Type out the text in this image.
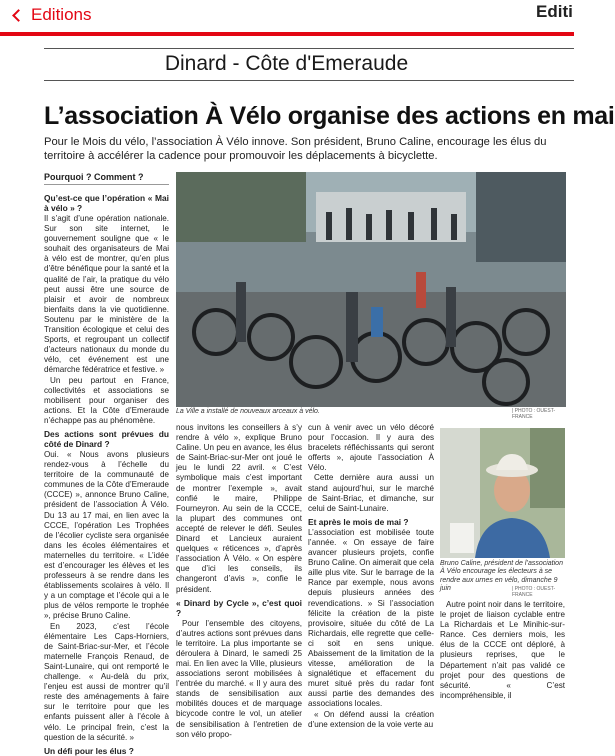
Editions	Editi
Dinard - Côte d'Emeraude
L’association À Vélo organise des actions en mai
Pour le Mois du vélo, l’association À Vélo innove. Son président, Bruno Caline, encourage les élus du territoire à accélérer la cadence pour promouvoir les déplacements à bicyclette.
Pourquoi ? Comment ?
Qu’est-ce que l’opération « Mai à vélo » ?

Il s’agit d’une opération nationale. Sur son site internet, le gouvernement souligne que « le souhait des organisateurs de Mai à vélo est de montrer, qu’en plus d’être bénéfique pour la santé et la qualité de l’air, la pratique du vélo peut aussi être une source de plaisir et avoir de nombreux bienfaits dans la vie quotidienne. Soutenu par le ministère de la Transition écologique et celui des Sports, et regroupant un collectif d’acteurs nationaux du monde du vélo, cet événement est une démarche fédératrice et festive. »

Un peu partout en France, collectivités et associations se mobilisent pour organiser des actions. Et la Côte d’Emeraude n’échappe pas au phénomène.

Des actions sont prévues du côté de Dinard ?

Oui. « Nous avons plusieurs rendez-vous à l’échelle du territoire de la communauté de communes de la Côte d’Emeraude (CCCE) », annonce Bruno Caline, président de l’association À Vélo. Du 13 au 17 mai, en lien avec la CCCE, l’opération Les Trophées de l’écolier cycliste sera organisée dans les écoles élémentaires et maternelles du territoire. « L’idée est d’encourager les élèves et les professeurs à se rendre dans les établissements scolaires à vélo. Il y a un comptage et l’école qui a le plus de vélos remporte le trophée », précise Bruno Caline.

En 2023, c’est l’école élémentaire Les Caps-Horniers, de Saint-Briac-sur-Mer, et l’école maternelle François Renaud, de Saint-Lunaire, qui ont remporté le challenge. « Au-delà du prix, l’enjeu est aussi de montrer qu’il reste des aménagements à faire sur le territoire pour que les enfants puissent aller à l’école à vélo. Le principal frein, c’est la question de la sécurité. »

Un défi pour les élus ?
La Ville a installé de nouveaux arceaux à vélo.	| PHOTO : OUEST-FRANCE

nous invitons les conseillers à s’y rendre à vélo », explique Bruno Caline. Un peu en avance, les élus de Saint-Briac-sur-Mer ont joué le jeu le lundi 22 avril. « C’est symbolique mais c’est important de montrer l’exemple », avait confié le maire, Philippe Fourneyron. Au sein de la CCCE, la plupart des communes ont accepté de relever le défi. Seules Dinard et Lancieux auraient quelques « réticences », d’après l’association À Vélo. « On espère que d’ici les conseils, ils changeront d’avis », confie le président.

« Dinard by Cycle », c’est quoi ?

Pour l’ensemble des citoyens, d’autres actions sont prévues dans le territoire. La plus importante se déroulera à Dinard, le samedi 25 mai. En lien avec la Ville, plusieurs associations seront mobilisées à l’entrée du marché. « Il y aura des stands de sensibilisation aux mobilités douces et de marquage bicycode contre le vol, un atelier de sensibilisation à l’entretien de son vélo propo-

cun à venir avec un vélo décoré pour l’occasion. Il y aura des bracelets réfléchissants qui seront offerts », ajoute l’association À Vélo.

Cette dernière aura aussi un stand aujourd’hui, sur le marché de Saint-Briac, et dimanche, sur celui de Saint-Lunaire.

Et après le mois de mai ?

L’association est mobilisée toute l’année. « On essaye de faire avancer plusieurs projets, confie Bruno Caline. On aimerait que cela aille plus vite. Sur le barrage de la Rance par exemple, nous avons depuis plusieurs années des revendications. » Si l’association félicite la création de la piste provisoire, située du côté de La Richardais, elle regrette que celle-ci soit en sens unique. Abaissement de la limitation de la vitesse, amélioration de la signalétique et effacement du muret situé près du radar font aussi partie des demandes des associations locales.

« On défend aussi la création d’une extension de la voie verte au

Bruno Caline, président de l’association À Vélo encourage les électeurs à se rendre aux urnes en vélo, dimanche 9 juin	| PHOTO : OUEST-FRANCE

Autre point noir dans le territoire, le projet de liaison cyclable entre La Richardais et Le Minihic-sur-Rance. Ces derniers mois, les élus de la CCCE ont déploré, à plusieurs reprises, que le Département n’ait pas validé ce projet pour des questions de sécurité. « C’est incompréhensible, il
